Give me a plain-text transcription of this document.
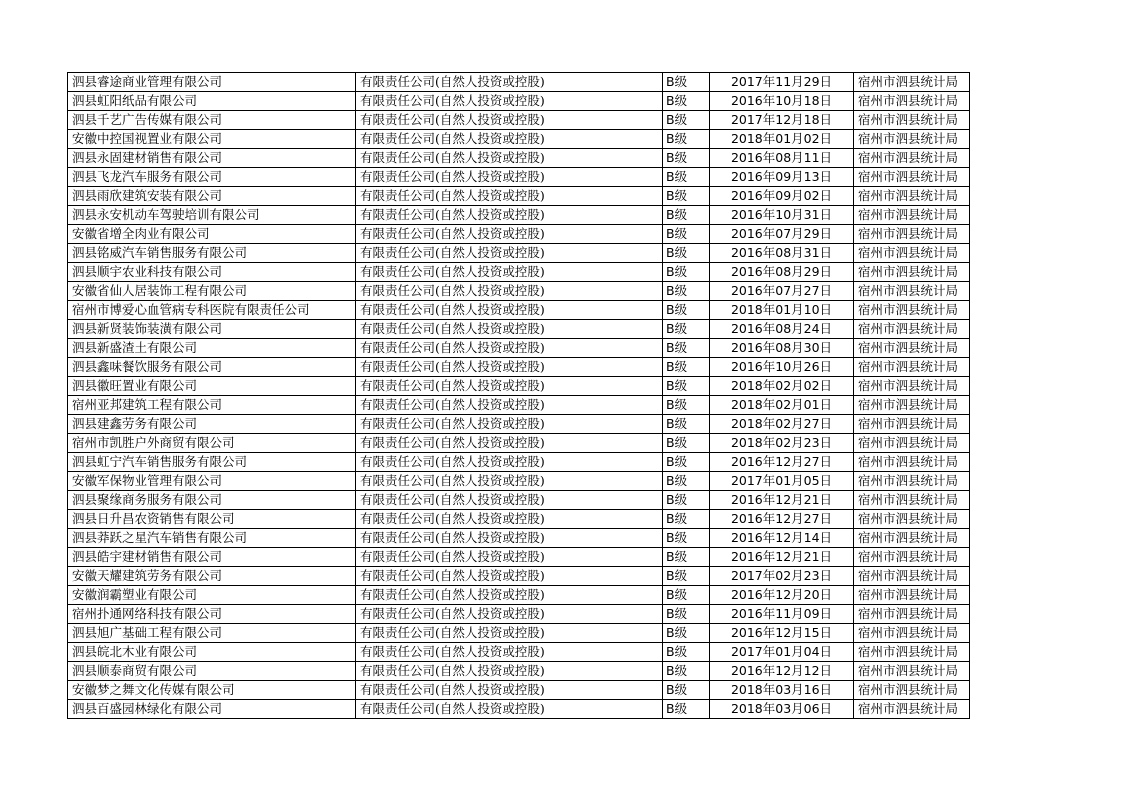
泗县睿途商业管理有限公司	有限责任公司(自然人投资或控股)	B级	2017年11月29日	宿州市泗县统计局
泗县虹阳纸品有限公司	有限责任公司(自然人投资或控股)	B级	2016年10月18日	宿州市泗县统计局
泗县千艺广告传媒有限公司	有限责任公司(自然人投资或控股)	B级	2017年12月18日	宿州市泗县统计局
安徽中控国视置业有限公司	有限责任公司(自然人投资或控股)	B级	2018年01月02日	宿州市泗县统计局
泗县永固建材销售有限公司	有限责任公司(自然人投资或控股)	B级	2016年08月11日	宿州市泗县统计局
泗县飞龙汽车服务有限公司	有限责任公司(自然人投资或控股)	B级	2016年09月13日	宿州市泗县统计局
泗县雨欣建筑安装有限公司	有限责任公司(自然人投资或控股)	B级	2016年09月02日	宿州市泗县统计局
泗县永安机动车驾驶培训有限公司	有限责任公司(自然人投资或控股)	B级	2016年10月31日	宿州市泗县统计局
安徽省增全肉业有限公司	有限责任公司(自然人投资或控股)	B级	2016年07月29日	宿州市泗县统计局
泗县铭威汽车销售服务有限公司	有限责任公司(自然人投资或控股)	B级	2016年08月31日	宿州市泗县统计局
泗县顺宇农业科技有限公司	有限责任公司(自然人投资或控股)	B级	2016年08月29日	宿州市泗县统计局
安徽省仙人居装饰工程有限公司	有限责任公司(自然人投资或控股)	B级	2016年07月27日	宿州市泗县统计局
宿州市博爱心血管病专科医院有限责任公司	有限责任公司(自然人投资或控股)	B级	2018年01月10日	宿州市泗县统计局
泗县新贤装饰装潢有限公司	有限责任公司(自然人投资或控股)	B级	2016年08月24日	宿州市泗县统计局
泗县新盛渣土有限公司	有限责任公司(自然人投资或控股)	B级	2016年08月30日	宿州市泗县统计局
泗县鑫味餐饮服务有限公司	有限责任公司(自然人投资或控股)	B级	2016年10月26日	宿州市泗县统计局
泗县徽旺置业有限公司	有限责任公司(自然人投资或控股)	B级	2018年02月02日	宿州市泗县统计局
宿州亚邦建筑工程有限公司	有限责任公司(自然人投资或控股)	B级	2018年02月01日	宿州市泗县统计局
泗县建鑫劳务有限公司	有限责任公司(自然人投资或控股)	B级	2018年02月27日	宿州市泗县统计局
宿州市凯胜户外商贸有限公司	有限责任公司(自然人投资或控股)	B级	2018年02月23日	宿州市泗县统计局
泗县虹宁汽车销售服务有限公司	有限责任公司(自然人投资或控股)	B级	2016年12月27日	宿州市泗县统计局
安徽军保物业管理有限公司	有限责任公司(自然人投资或控股)	B级	2017年01月05日	宿州市泗县统计局
泗县聚缘商务服务有限公司	有限责任公司(自然人投资或控股)	B级	2016年12月21日	宿州市泗县统计局
泗县日升昌农资销售有限公司	有限责任公司(自然人投资或控股)	B级	2016年12月27日	宿州市泗县统计局
泗县莽跃之星汽车销售有限公司	有限责任公司(自然人投资或控股)	B级	2016年12月14日	宿州市泗县统计局
泗县皓宇建材销售有限公司	有限责任公司(自然人投资或控股)	B级	2016年12月21日	宿州市泗县统计局
安徽天耀建筑劳务有限公司	有限责任公司(自然人投资或控股)	B级	2017年02月23日	宿州市泗县统计局
安徽润霸塑业有限公司	有限责任公司(自然人投资或控股)	B级	2016年12月20日	宿州市泗县统计局
宿州扑通网络科技有限公司	有限责任公司(自然人投资或控股)	B级	2016年11月09日	宿州市泗县统计局
泗县旭广基础工程有限公司	有限责任公司(自然人投资或控股)	B级	2016年12月15日	宿州市泗县统计局
泗县皖北木业有限公司	有限责任公司(自然人投资或控股)	B级	2017年01月04日	宿州市泗县统计局
泗县顺泰商贸有限公司	有限责任公司(自然人投资或控股)	B级	2016年12月12日	宿州市泗县统计局
安徽梦之舞文化传媒有限公司	有限责任公司(自然人投资或控股)	B级	2018年03月16日	宿州市泗县统计局
泗县百盛园林绿化有限公司	有限责任公司(自然人投资或控股)	B级	2018年03月06日	宿州市泗县统计局
